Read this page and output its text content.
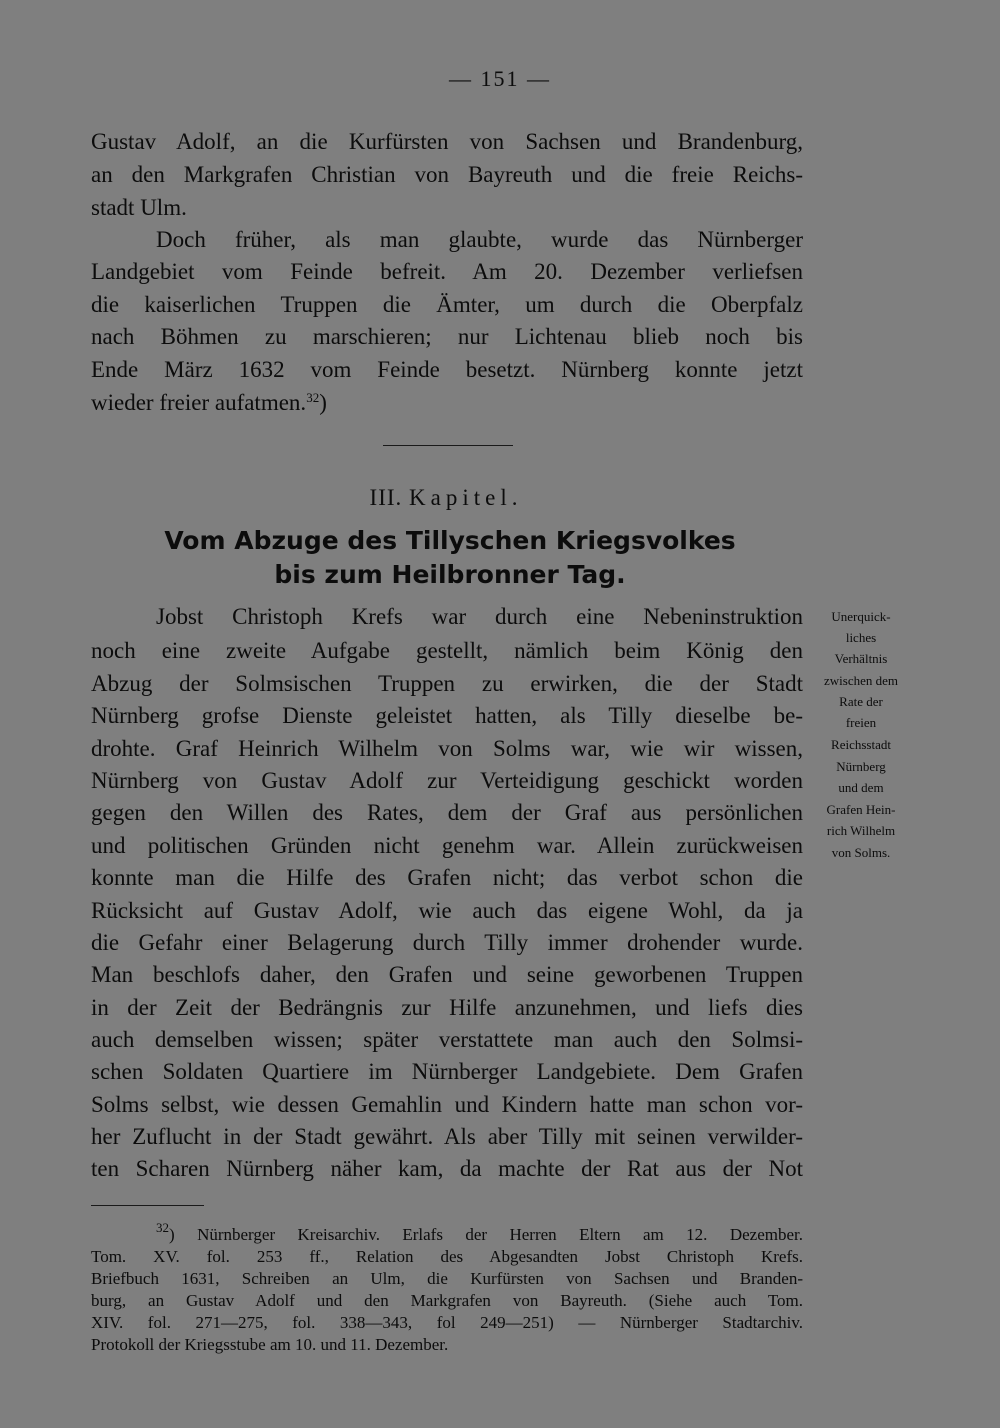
— 151 —
Gustav Adolf, an die Kurfürsten von Sachsen und Brandenburg,
an den Markgrafen Christian von Bayreuth und die freie Reichs-
stadt Ulm.
Doch früher, als man glaubte, wurde das Nürnberger
Landgebiet vom Feinde befreit. Am 20. Dezember verliefsen
die kaiserlichen Truppen die Ämter, um durch die Oberpfalz
nach Böhmen zu marschieren; nur Lichtenau blieb noch bis
Ende März 1632 vom Feinde besetzt. Nürnberg konnte jetzt
wieder freier aufatmen.$^{32}$)
III. Kapitel.
Vom Abzuge des Tillyschen Kriegsvolkes
bis zum Heilbronner Tag.
Jobst Christoph Krefs war durch eine Nebeninstruktion
noch eine zweite Aufgabe gestellt, nämlich beim König den
Abzug der Solmsischen Truppen zu erwirken, die der Stadt
Nürnberg grofse Dienste geleistet hatten, als Tilly dieselbe be-
drohte. Graf Heinrich Wilhelm von Solms war, wie wir wissen,
Nürnberg von Gustav Adolf zur Verteidigung geschickt worden
gegen den Willen des Rates, dem der Graf aus persönlichen
und politischen Gründen nicht genehm war. Allein zurückweisen
konnte man die Hilfe des Grafen nicht; das verbot schon die
Rücksicht auf Gustav Adolf, wie auch das eigene Wohl, da ja
die Gefahr einer Belagerung durch Tilly immer drohender wurde.
Man beschlofs daher, den Grafen und seine geworbenen Truppen
in der Zeit der Bedrängnis zur Hilfe anzunehmen, und liefs dies
auch demselben wissen; später verstattete man auch den Solmsi-
schen Soldaten Quartiere im Nürnberger Landgebiete. Dem Grafen
Solms selbst, wie dessen Gemahlin und Kindern hatte man schon vor-
her Zuflucht in der Stadt gewährt. Als aber Tilly mit seinen verwilder-
ten Scharen Nürnberg näher kam, da machte der Rat aus der Not
Unerquick-
liches
Verhältnis
zwischen dem
Rate der
freien
Reichsstadt
Nürnberg
und dem
Grafen Hein-
rich Wilhelm
von Solms.
$^{32}$) Nürnberger Kreisarchiv. Erlafs der Herren Eltern am 12. Dezember.
Tom. XV. fol. 253 ff., Relation des Abgesandten Jobst Christoph Krefs.
Briefbuch 1631, Schreiben an Ulm, die Kurfürsten von Sachsen und Branden-
burg, an Gustav Adolf und den Markgrafen von Bayreuth. (Siehe auch Tom.
XIV. fol. 271—275, fol. 338—343, fol 249—251) — Nürnberger Stadtarchiv.
Protokoll der Kriegsstube am 10. und 11. Dezember.
